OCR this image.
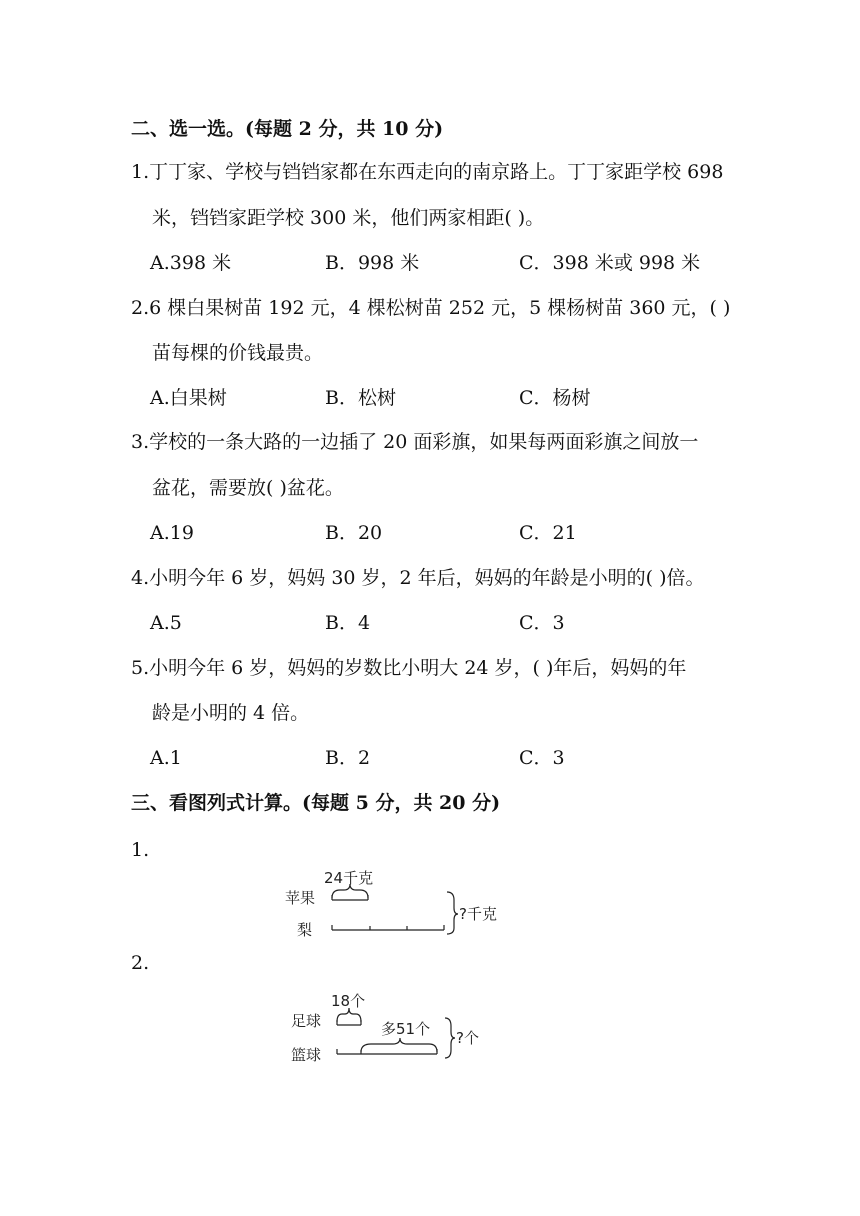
二、选一选。(每题 2 分，共 10 分)
1.丁丁家、学校与铛铛家都在东西走向的南京路上。丁丁家距学校 698
米，铛铛家距学校 300 米，他们两家相距( )。
A.398 米	B．998 米	C．398 米或 998 米
2.6 棵白果树苗 192 元，4 棵松树苗 252 元，5 棵杨树苗 360 元，( )
苗每棵的价钱最贵。
A.白果树	B．松树	C．杨树
3.学校的一条大路的一边插了 20 面彩旗，如果每两面彩旗之间放一
盆花，需要放( )盆花。
A.19	B．20	C．21
4.小明今年 6 岁，妈妈 30 岁，2 年后，妈妈的年龄是小明的( )倍。
A.5	B．4	C．3
5.小明今年 6 岁，妈妈的岁数比小明大 24 岁，( )年后，妈妈的年
龄是小明的 4 倍。
A.1	B．2	C．3
三、看图列式计算。(每题 5 分，共 20 分)
1.
24千克
苹果
梨
?千克
2.
18个
足球	多51个
篮球
?个
